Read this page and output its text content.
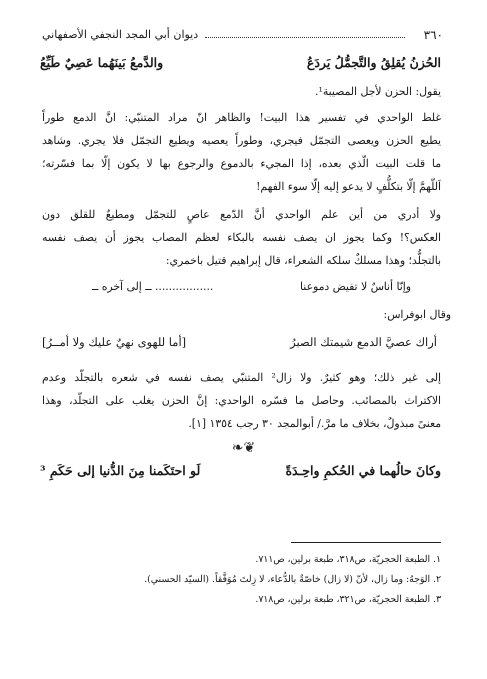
٣٦٠
ديوان أبي المجد النجفي الأصفهاني
الحُزنُ يُقلِقُ والتَّجمُّلُ يَردَعُ
والدَّمعُ بَينَهُما عَصِيٌ طَيِّعُ
يقول: الحزن لأجل المصيبة¹.
غلط الواحدي في تفسير هذا البيت! والظاهر انّ مراد المتنبّي: انَّ الدمع طوراً
يطيع الحزن ويعصى التجمّل فيجري، وطوراً يعصيه ويطيع التجمّل فلا يجري. وشاهد
ما قلت البيت الّذي بعده، إذا المجيء بالدموع والرجوع بها لا يكون إلّا بما فسّرته؛
اَللّهمَّ إلّا بتكلُّفٍ لا يدعو إليه إلّا سوء الفهم!
ولا أدري من أين علم الواحدي أنَّ الدّمع عاصٍ للتجمّل ومطيعٌ للقلق دون
العكس؟! وكما يجوز ان يصف نفسه بالبكاء لعظم المصاب يجوز أن يصف نفسه
بالتجلُّد؛ وهذا مسلكٌ سلكه الشعراء، قال إبراهيم قتيل باخمري:
وإنّا أناسٌ لا تفيض دموعنا
................. ــ إلى آخره ــ
وقال ابوفراس:
أراك عصيَّ الدمع شيمتك الصبرُ
[أما للهوى نهيٌ عليك ولا أمــرُ]
إلى غير ذلك؛ وهو كثيرٌ. ولا زال² المتنبّي يصف نفسه في شعره بالتجلّد وعدم
الاكتراث بالمصائب. وحاصل ما فسّره الواحدي: إنَّ الحزن يغلب على التجلّد، وهذا
معنىً مبذولٌ، بخلاف ما مرَّ./ أبوالمجد ٣٠ رجب ١٣٥٤ [١].
❦❧
وكانَ حالُهما في الحُكمِ واحِـدَةً
لَو احتَكَمنا مِنَ الدُّنيا إلى حَكَمِ ³
١. الطبعة الحجريّة، ص٣١٨، طبعة برلين، ص٧١١.
٢. الوَجهُ: وما زال، لأنّ (لا زال) خاصّةٌ بالدُّعاء، لا زِلتَ مُوَفَّقاً. (السيّد الحسني).
٣. الطبعة الحجريّة، ص٣٢١، طبعة برلين، ص٧١٨.
